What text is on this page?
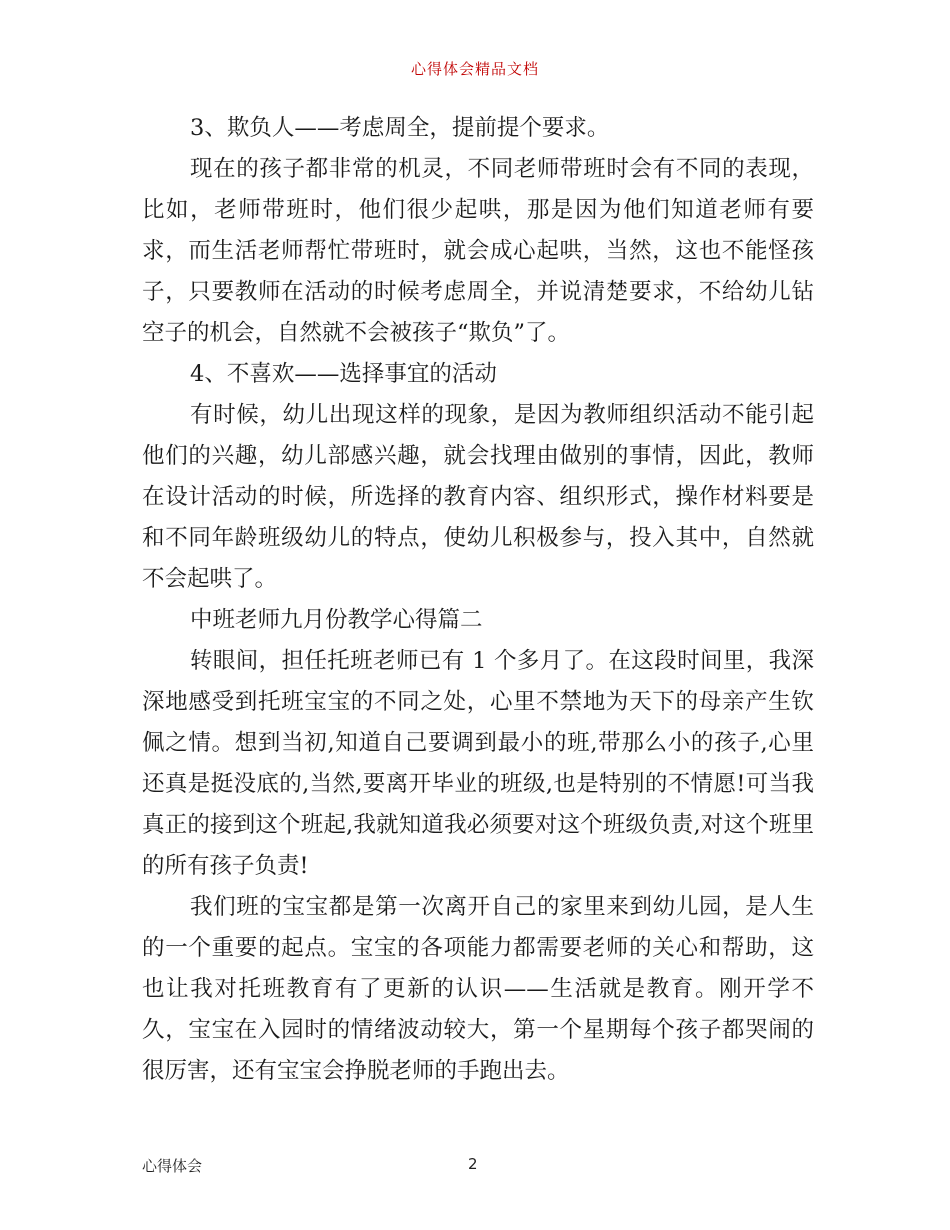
心得体会精品文档

3、欺负人——考虑周全，提前提个要求。

现在的孩子都非常的机灵，不同老师带班时会有不同的表现，比如，老师带班时，他们很少起哄，那是因为他们知道老师有要求，而生活老师帮忙带班时，就会成心起哄，当然，这也不能怪孩子，只要教师在活动的时候考虑周全，并说清楚要求，不给幼儿钻空子的机会，自然就不会被孩子“欺负”了。

4、不喜欢——选择事宜的活动

有时候，幼儿出现这样的现象，是因为教师组织活动不能引起他们的兴趣，幼儿部感兴趣，就会找理由做别的事情，因此，教师在设计活动的时候，所选择的教育内容、组织形式，操作材料要是和不同年龄班级幼儿的特点，使幼儿积极参与，投入其中，自然就不会起哄了。

中班老师九月份教学心得篇二

转眼间，担任托班老师已有 1 个多月了。在这段时间里，我深深地感受到托班宝宝的不同之处，心里不禁地为天下的母亲产生钦佩之情。想到当初,知道自己要调到最小的班,带那么小的孩子,心里还真是挺没底的,当然,要离开毕业的班级,也是特别的不情愿!可当我真正的接到这个班起,我就知道我必须要对这个班级负责,对这个班里的所有孩子负责!

我们班的宝宝都是第一次离开自己的家里来到幼儿园，是人生的一个重要的起点。宝宝的各项能力都需要老师的关心和帮助，这也让我对托班教育有了更新的认识——生活就是教育。刚开学不久，宝宝在入园时的情绪波动较大，第一个星期每个孩子都哭闹的很厉害，还有宝宝会挣脱老师的手跑出去。

心得体会	2
